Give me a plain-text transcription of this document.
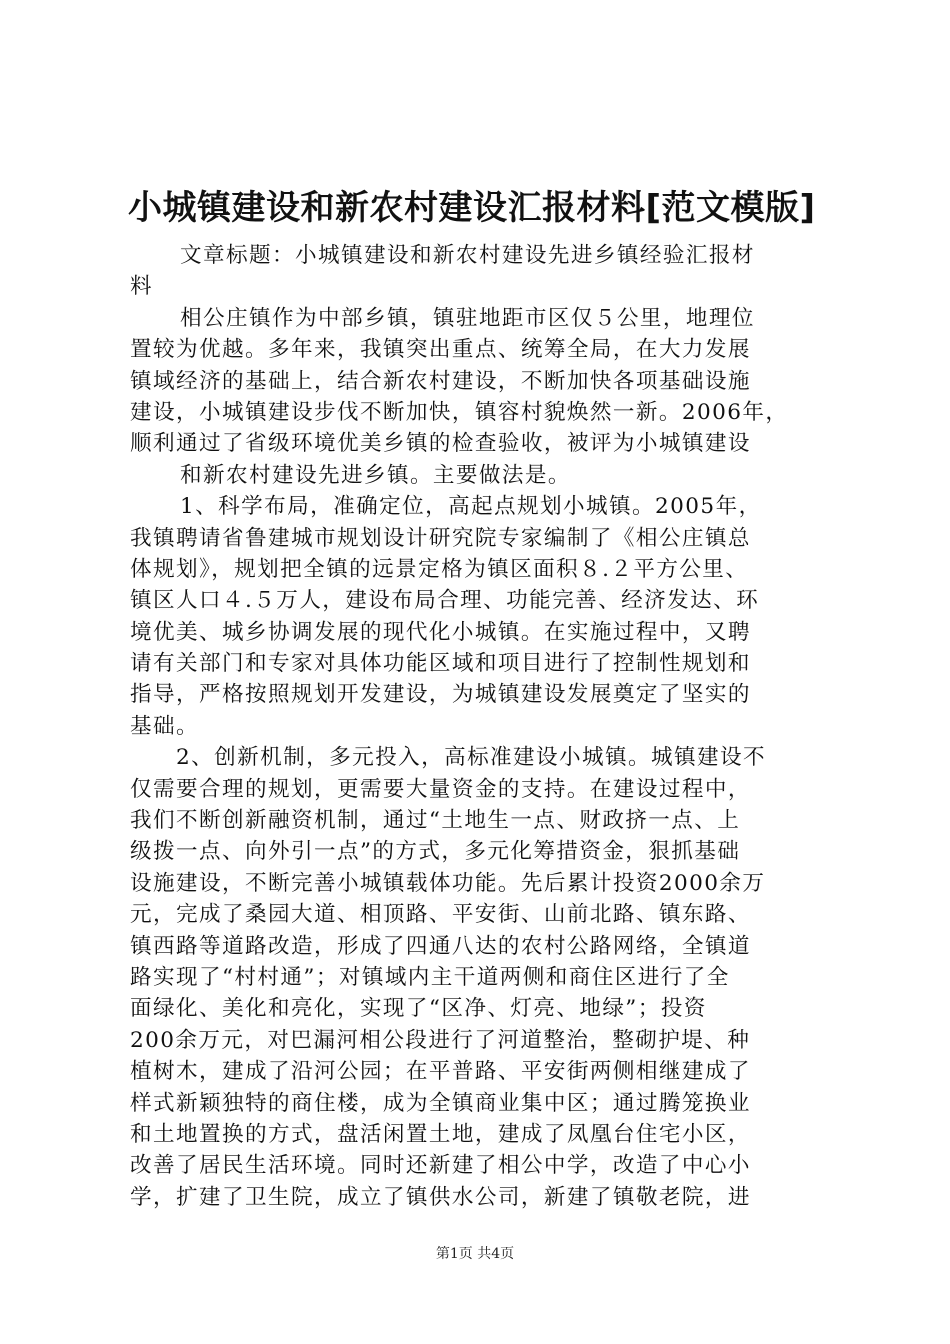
小城镇建设和新农村建设汇报材料[范文模版]
文章标题：小城镇建设和新农村建设先进乡镇经验汇报材
料
相公庄镇作为中部乡镇，镇驻地距市区仅５公里，地理位
置较为优越。多年来，我镇突出重点、统筹全局，在大力发展
镇域经济的基础上，结合新农村建设，不断加快各项基础设施
建设，小城镇建设步伐不断加快，镇容村貌焕然一新。2006年，
顺利通过了省级环境优美乡镇的检查验收，被评为小城镇建设
和新农村建设先进乡镇。主要做法是。
1、科学布局，准确定位，高起点规划小城镇。2005年，
我镇聘请省鲁建城市规划设计研究院专家编制了《相公庄镇总
体规划》，规划把全镇的远景定格为镇区面积８.２平方公里、
镇区人口４.５万人，建设布局合理、功能完善、经济发达、环
境优美、城乡协调发展的现代化小城镇。在实施过程中，又聘
请有关部门和专家对具体功能区域和项目进行了控制性规划和
指导，严格按照规划开发建设，为城镇建设发展奠定了坚实的
基础。
2、创新机制，多元投入，高标准建设小城镇。城镇建设不
仅需要合理的规划，更需要大量资金的支持。在建设过程中，
我们不断创新融资机制，通过“土地生一点、财政挤一点、上
级拨一点、向外引一点”的方式，多元化筹措资金，狠抓基础
设施建设，不断完善小城镇载体功能。先后累计投资2000余万
元，完成了桑园大道、相顶路、平安街、山前北路、镇东路、
镇西路等道路改造，形成了四通八达的农村公路网络，全镇道
路实现了“村村通”；对镇域内主干道两侧和商住区进行了全
面绿化、美化和亮化，实现了“区净、灯亮、地绿”；投资
200余万元，对巴漏河相公段进行了河道整治，整砌护堤、种
植树木，建成了沿河公园；在平普路、平安街两侧相继建成了
样式新颖独特的商住楼，成为全镇商业集中区；通过腾笼换业
和土地置换的方式，盘活闲置土地，建成了凤凰台住宅小区，
改善了居民生活环境。同时还新建了相公中学，改造了中心小
学，扩建了卫生院，成立了镇供水公司，新建了镇敬老院，进
第1页 共4页
